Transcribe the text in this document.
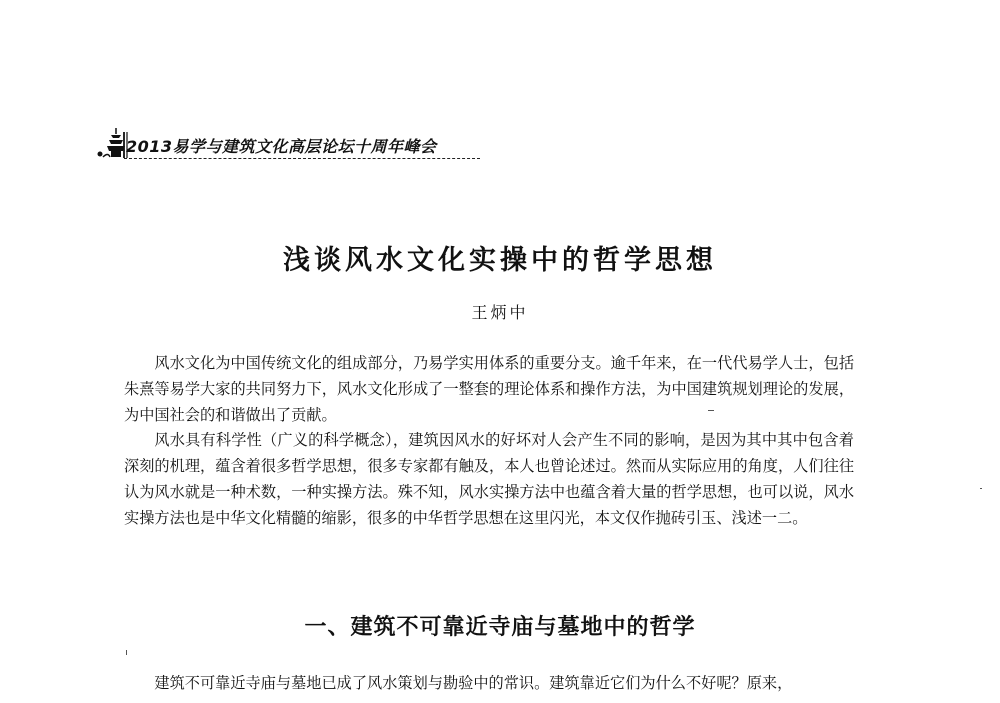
2013易学与建筑文化高层论坛十周年峰会
浅谈风水文化实操中的哲学思想
王炳中

风水文化为中国传统文化的组成部分，乃易学实用体系的重要分支。逾千年来，在一代代易学人士，包括朱熹等易学大家的共同努力下，风水文化形成了一整套的理论体系和操作方法，为中国建筑规划理论的发展，为中国社会的和谐做出了贡献。

风水具有科学性（广义的科学概念），建筑因风水的好坏对人会产生不同的影响，是因为其中其中包含着深刻的机理，蕴含着很多哲学思想，很多专家都有触及，本人也曾论述过。然而从实际应用的角度，人们往往认为风水就是一种术数，一种实操方法。殊不知，风水实操方法中也蕴含着大量的哲学思想，也可以说，风水实操方法也是中华文化精髓的缩影，很多的中华哲学思想在这里闪光，本文仅作抛砖引玉、浅述一二。

一、建筑不可靠近寺庙与墓地中的哲学

建筑不可靠近寺庙与墓地已成了风水策划与勘验中的常识。建筑靠近它们为什么不好呢？原来，
